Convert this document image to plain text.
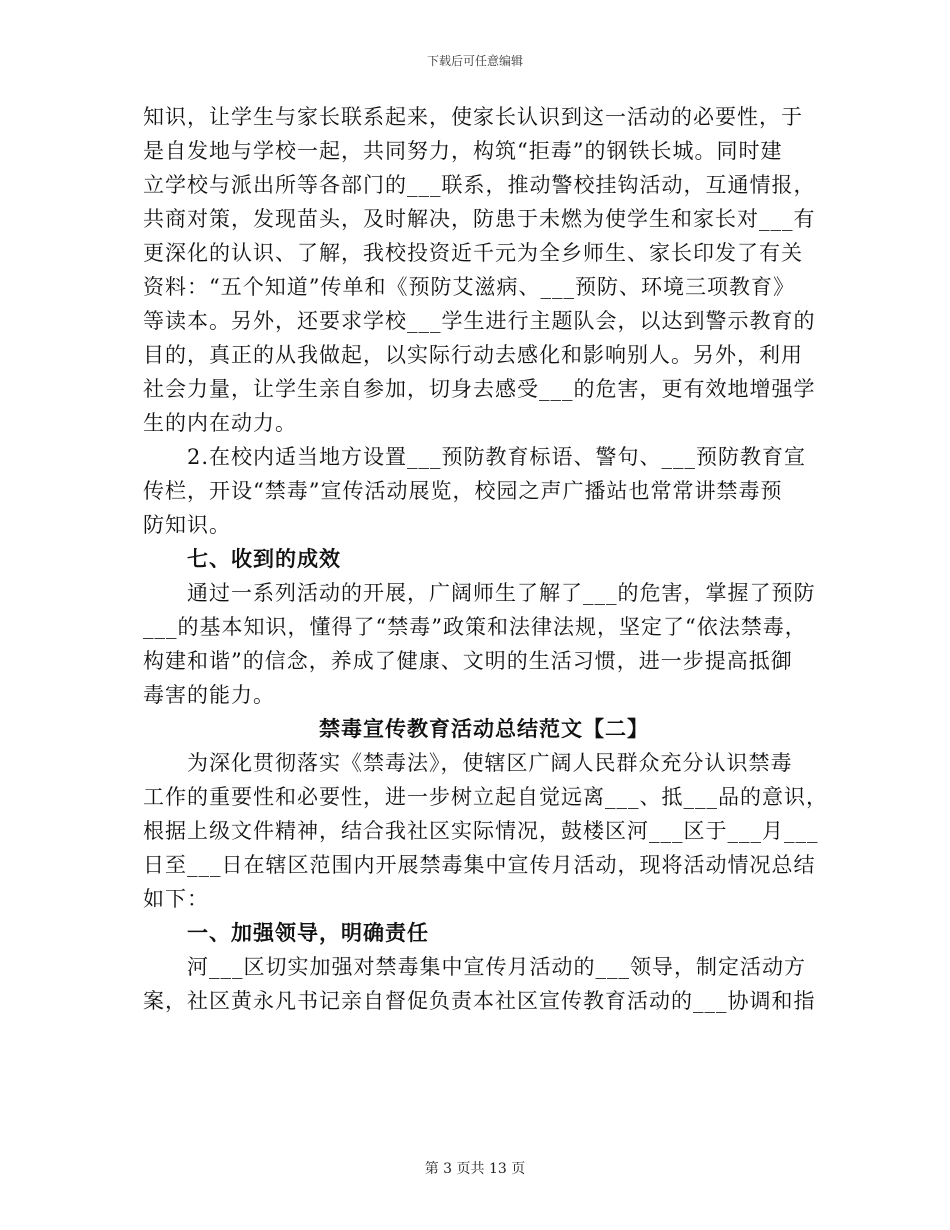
下载后可任意编辑
知识，让学生与家长联系起来，使家长认识到这一活动的必要性，于
是自发地与学校一起，共同努力，构筑“拒毒”的钢铁长城。同时建
立学校与派出所等各部门的___联系，推动警校挂钩活动，互通情报，
共商对策，发现苗头，及时解决，防患于未燃为使学生和家长对___有
更深化的认识、了解，我校投资近千元为全乡师生、家长印发了有关
资料：“五个知道”传单和《预防艾滋病、___预防、环境三项教育》
等读本。另外，还要求学校___学生进行主题队会，以达到警示教育的
目的，真正的从我做起，以实际行动去感化和影响别人。另外，利用
社会力量，让学生亲自参加，切身去感受___的危害，更有效地增强学
生的内在动力。
2.在校内适当地方设置___预防教育标语、警句、___预防教育宣
传栏，开设“禁毒”宣传活动展览，校园之声广播站也常常讲禁毒预
防知识。
七、收到的成效
通过一系列活动的开展，广阔师生了解了___的危害，掌握了预防
___的基本知识，懂得了“禁毒”政策和法律法规，坚定了“依法禁毒，
构建和谐”的信念，养成了健康、文明的生活习惯，进一步提高抵御
毒害的能力。
禁毒宣传教育活动总结范文【二】
为深化贯彻落实《禁毒法》，使辖区广阔人民群众充分认识禁毒
工作的重要性和必要性，进一步树立起自觉远离___、抵___品的意识，
根据上级文件精神，结合我社区实际情况，鼓楼区河___区于___月___
日至___日在辖区范围内开展禁毒集中宣传月活动，现将活动情况总结
如下：
一、加强领导，明确责任
河___区切实加强对禁毒集中宣传月活动的___领导，制定活动方
案，社区黄永凡书记亲自督促负责本社区宣传教育活动的___协调和指
第 3 页共 13 页
